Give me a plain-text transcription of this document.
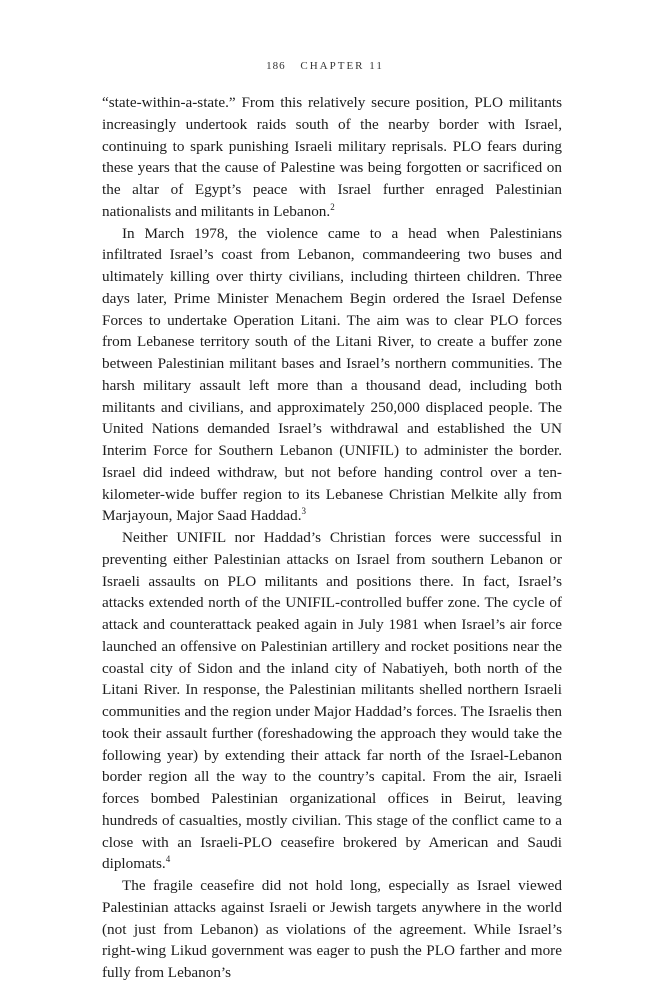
186 CHAPTER 11

“state-within-a-state.” From this relatively secure position, PLO militants increasingly undertook raids south of the nearby border with Israel, continuing to spark punishing Israeli military reprisals. PLO fears during these years that the cause of Palestine was being forgotten or sacrificed on the altar of Egypt’s peace with Israel further enraged Palestinian nationalists and militants in Lebanon.$^2$

In March 1978, the violence came to a head when Palestinians infiltrated Israel’s coast from Lebanon, commandeering two buses and ultimately killing over thirty civilians, including thirteen children. Three days later, Prime Minister Menachem Begin ordered the Israel Defense Forces to undertake Operation Litani. The aim was to clear PLO forces from Lebanese territory south of the Litani River, to create a buffer zone between Palestinian militant bases and Israel’s northern communities. The harsh military assault left more than a thousand dead, including both militants and civilians, and approximately 250,000 displaced people. The United Nations demanded Israel’s withdrawal and established the UN Interim Force for Southern Lebanon (UNIFIL) to administer the border. Israel did indeed withdraw, but not before handing control over a ten-kilometer-wide buffer region to its Lebanese Christian Melkite ally from Marjayoun, Major Saad Haddad.$^3$

Neither UNIFIL nor Haddad’s Christian forces were successful in preventing either Palestinian attacks on Israel from southern Lebanon or Israeli assaults on PLO militants and positions there. In fact, Israel’s attacks extended north of the UNIFIL-controlled buffer zone. The cycle of attack and counterattack peaked again in July 1981 when Israel’s air force launched an offensive on Palestinian artillery and rocket positions near the coastal city of Sidon and the inland city of Nabatiyeh, both north of the Litani River. In response, the Palestinian militants shelled northern Israeli communities and the region under Major Haddad’s forces. The Israelis then took their assault further (foreshadowing the approach they would take the following year) by extending their attack far north of the Israel-Lebanon border region all the way to the country’s capital. From the air, Israeli forces bombed Palestinian organizational offices in Beirut, leaving hundreds of casualties, mostly civilian. This stage of the conflict came to a close with an Israeli-PLO ceasefire brokered by American and Saudi diplomats.$^4$

The fragile ceasefire did not hold long, especially as Israel viewed Palestinian attacks against Israeli or Jewish targets anywhere in the world (not just from Lebanon) as violations of the agreement. While Israel’s right-wing Likud government was eager to push the PLO farther and more fully from Lebanon’s
